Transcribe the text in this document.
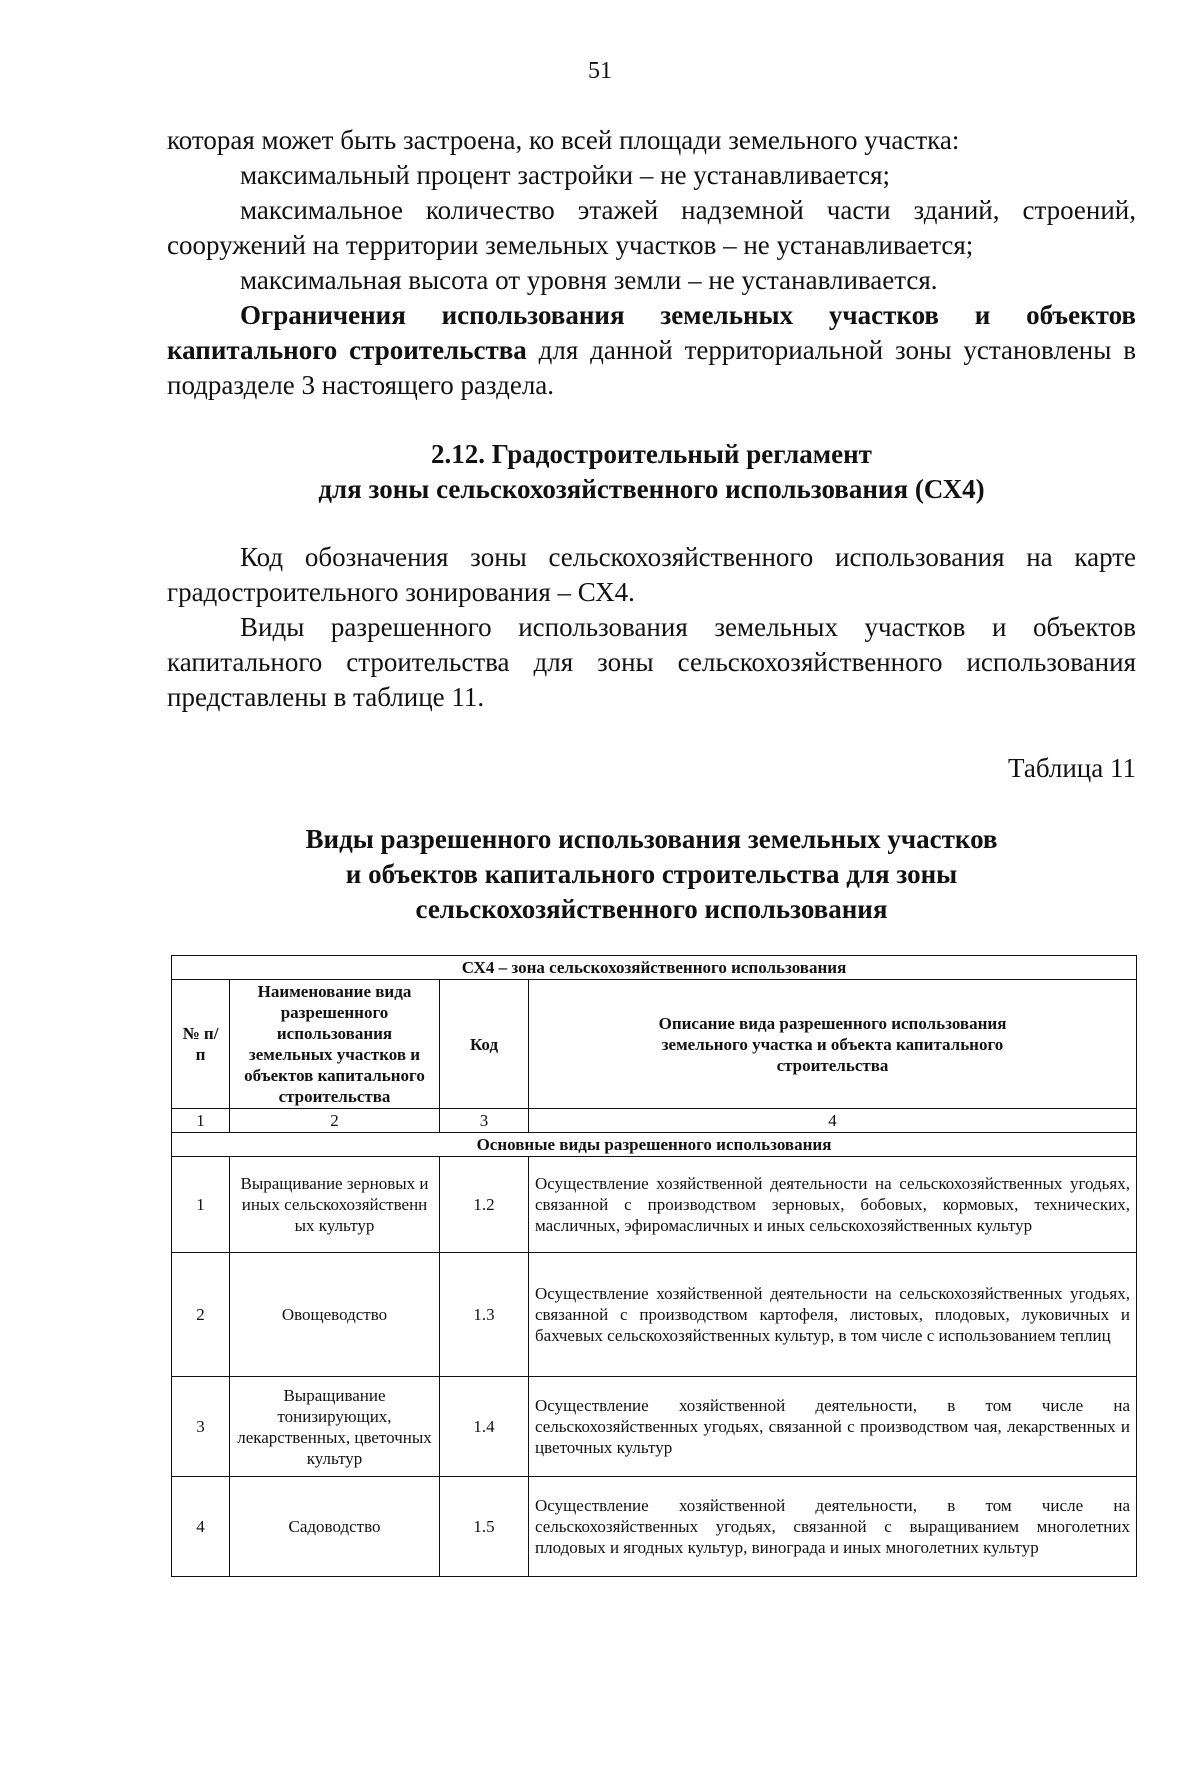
51

которая может быть застроена, ко всей площади земельного участка:

максимальный процент застройки – не устанавливается;

максимальное количество этажей надземной части зданий, строений, сооружений на территории земельных участков – не устанавливается;

максимальная высота от уровня земли – не устанавливается.

Ограничения использования земельных участков и объектов капитального строительства для данной территориальной зоны установлены в подразделе 3 настоящего раздела.

2.12. Градостроительный регламент
для зоны сельскохозяйственного использования (СХ4)

Код обозначения зоны сельскохозяйственного использования на карте градостроительного зонирования – СХ4.

Виды разрешенного использования земельных участков и объектов капитального строительства для зоны сельскохозяйственного использования представлены в таблице 11.

Таблица 11
Виды разрешенного использования земельных участков
и объектов капитального строительства для зоны
сельскохозяйственного использования
СХ4 – зона сельскохозяйственного использования			
№ п/п	Наименование вида разрешенного использования земельных участков и объектов капитального строительства	Код	Описание вида разрешенного использования земельного участка и объекта капитального строительства
1	2	3	4
Основные виды разрешенного использования			
1	Выращивание зерновых и иных сельскохозяйственн ых культур	1.2	Осуществление хозяйственной деятельности на сельскохозяйственных угодьях, связанной с производством зерновых, бобовых, кормовых, технических, масличных, эфиромасличных и иных сельскохозяйственных культур
2	Овощеводство	1.3	Осуществление хозяйственной деятельности на сельскохозяйственных угодьях, связанной с производством картофеля, листовых, плодовых, луковичных и бахчевых сельскохозяйственных культур, в том числе с использованием теплиц
3	Выращивание тонизирующих, лекарственных, цветочных культур	1.4	Осуществление хозяйственной деятельности, в том числе на сельскохозяйственных угодьях, связанной с производством чая, лекарственных и цветочных культур
4	Садоводство	1.5	Осуществление хозяйственной деятельности, в том числе на сельскохозяйственных угодьях, связанной с выращиванием многолетних плодовых и ягодных культур, винограда и иных многолетних культур
